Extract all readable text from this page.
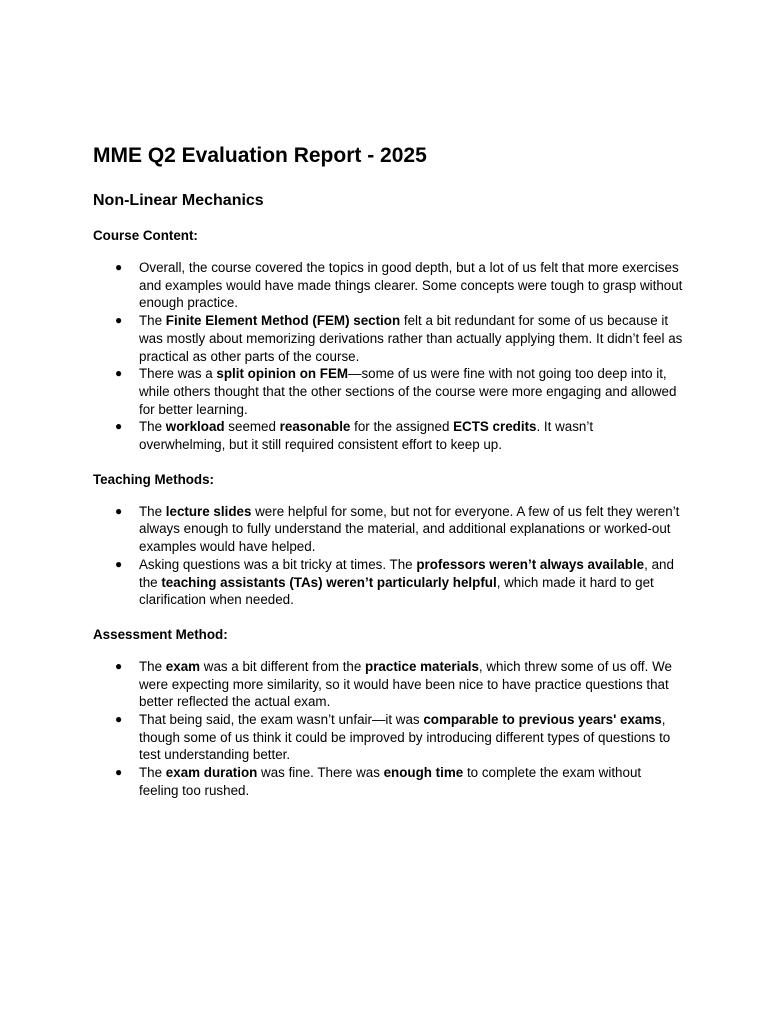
MME Q2 Evaluation Report - 2025
Non-Linear Mechanics
Course Content:
● Overall, the course covered the topics in good depth, but a lot of us felt that more exercises and examples would have made things clearer. Some concepts were tough to grasp without enough practice.
● The Finite Element Method (FEM) section felt a bit redundant for some of us because it was mostly about memorizing derivations rather than actually applying them. It didn’t feel as practical as other parts of the course.
● There was a split opinion on FEM—some of us were fine with not going too deep into it, while others thought that the other sections of the course were more engaging and allowed for better learning.
● The workload seemed reasonable for the assigned ECTS credits. It wasn’t overwhelming, but it still required consistent effort to keep up.
Teaching Methods:
● The lecture slides were helpful for some, but not for everyone. A few of us felt they weren’t always enough to fully understand the material, and additional explanations or worked-out examples would have helped.
● Asking questions was a bit tricky at times. The professors weren’t always available, and the teaching assistants (TAs) weren’t particularly helpful, which made it hard to get clarification when needed.
Assessment Method:
● The exam was a bit different from the practice materials, which threw some of us off. We were expecting more similarity, so it would have been nice to have practice questions that better reflected the actual exam.
● That being said, the exam wasn’t unfair—it was comparable to previous years' exams, though some of us think it could be improved by introducing different types of questions to test understanding better.
● The exam duration was fine. There was enough time to complete the exam without feeling too rushed.
